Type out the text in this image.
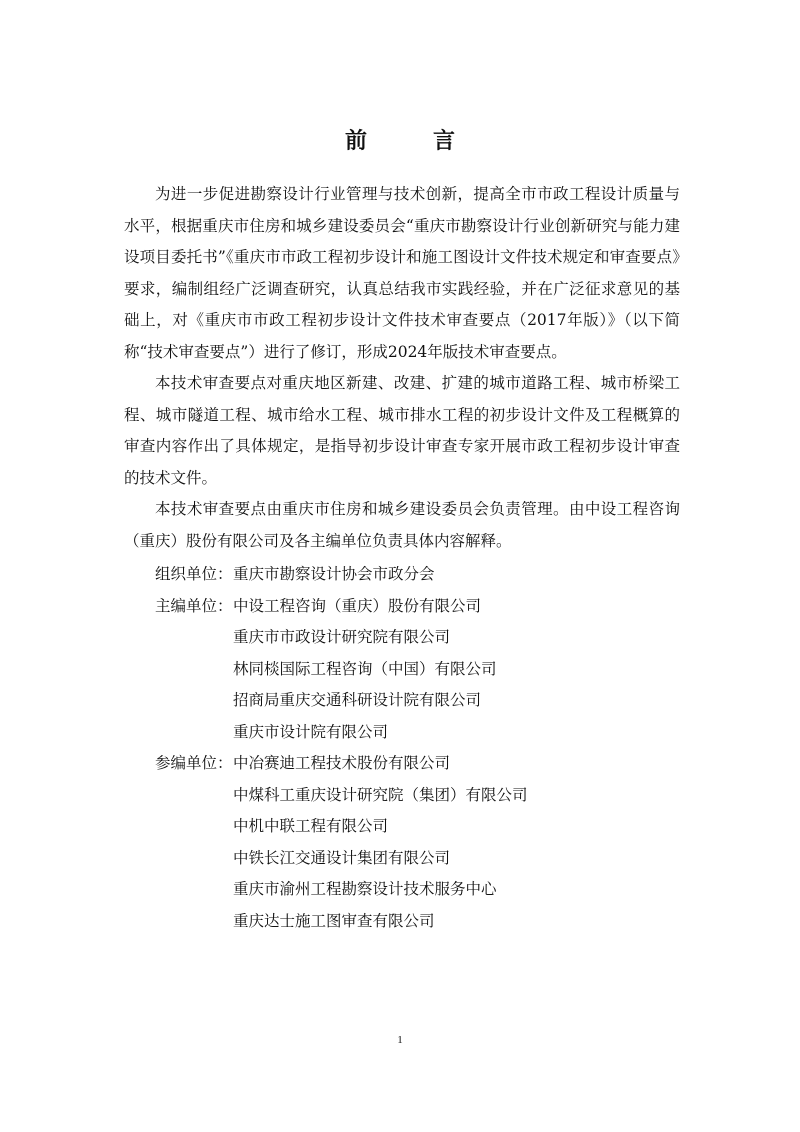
前　言

为进一步促进勘察设计行业管理与技术创新，提高全市市政工程设计质量与水平，根据重庆市住房和城乡建设委员会“重庆市勘察设计行业创新研究与能力建设项目委托书”《重庆市市政工程初步设计和施工图设计文件技术规定和审查要点》要求，编制组经广泛调查研究，认真总结我市实践经验，并在广泛征求意见的基础上，对《重庆市市政工程初步设计文件技术审查要点（2017年版）》（以下简称“技术审查要点”）进行了修订，形成2024年版技术审查要点。

本技术审查要点对重庆地区新建、改建、扩建的城市道路工程、城市桥梁工程、城市隧道工程、城市给水工程、城市排水工程的初步设计文件及工程概算的审查内容作出了具体规定，是指导初步设计审查专家开展市政工程初步设计审查的技术文件。

本技术审查要点由重庆市住房和城乡建设委员会负责管理。由中设工程咨询（重庆）股份有限公司及各主编单位负责具体内容解释。

组织单位： 重庆市勘察设计协会市政分会
主编单位： 中设工程咨询（重庆）股份有限公司
重庆市市政设计研究院有限公司
林同棪国际工程咨询（中国）有限公司
招商局重庆交通科研设计院有限公司
重庆市设计院有限公司
参编单位： 中冶赛迪工程技术股份有限公司
中煤科工重庆设计研究院（集团）有限公司
中机中联工程有限公司
中铁长江交通设计集团有限公司
重庆市渝州工程勘察设计技术服务中心
重庆达士施工图审查有限公司
1
